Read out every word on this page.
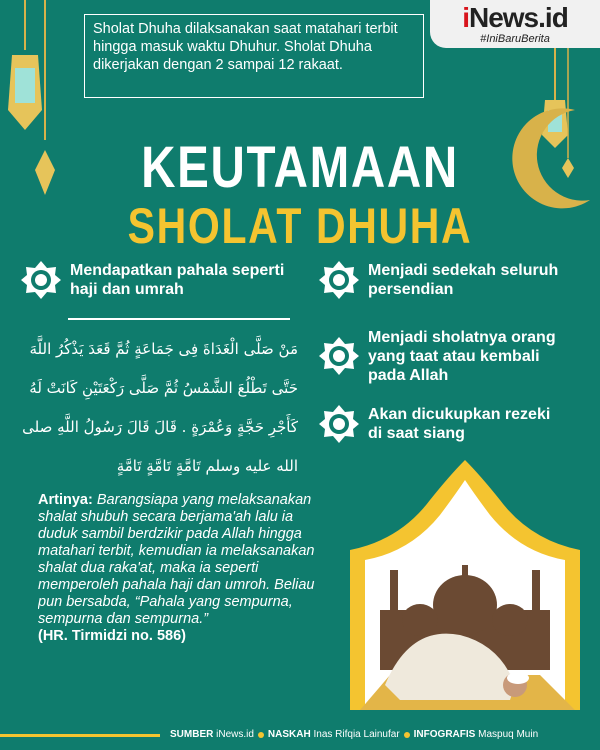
iNews.id
#IniBaruBerita
Sholat Dhuha dilaksanakan saat matahari terbit hingga masuk waktu Dhuhur. Sholat Dhuha dikerjakan dengan 2 sampai 12 rakaat.
KEUTAMAAN
SHOLAT DHUHA
Mendapatkan pahala seperti haji dan umrah
Menjadi sedekah seluruh persendian
Menjadi sholatnya orang yang taat atau kembali pada Allah
Akan dicukupkan rezeki di saat siang
مَنْ صَلَّى الْغَدَاةَ فِى جَمَاعَةٍ ثُمَّ قَعَدَ يَذْكُرُ اللَّهَ
حَتَّى تَطْلُعَ الشَّمْسُ ثُمَّ صَلَّى رَكْعَتَيْنِ كَانَتْ لَهُ
كَأَجْرِ حَجَّةٍ وَعُمْرَةٍ . قَالَ قَالَ رَسُولُ اللَّهِ صلى
الله عليه وسلم تَامَّةٍ تَامَّةٍ تَامَّةٍ
Artinya: Barangsiapa yang melaksanakan shalat shubuh secara berjama'ah lalu ia duduk sambil berdzikir pada Allah hingga matahari terbit, kemudian ia melaksanakan shalat dua raka'at, maka ia seperti memperoleh pahala haji dan umroh. Beliau pun bersabda, “Pahala yang sempurna, sempurna dan sempurna.”
(HR. Tirmidzi no. 586)
SUMBER iNews.id NASKAH Inas Rifqia Lainufar INFOGRAFIS Maspuq Muin
